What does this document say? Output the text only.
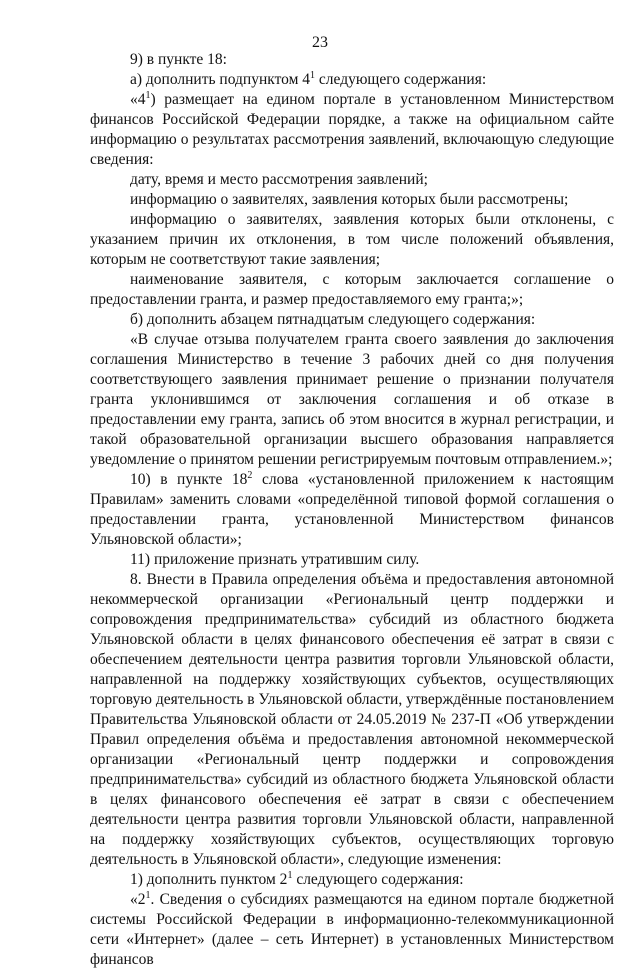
23

9) в пункте 18:

а) дополнить подпунктом $4^1$ следующего содержания:

«$4^1$) размещает на едином портале в установленном Министерством финансов Российской Федерации порядке, а также на официальном сайте информацию о результатах рассмотрения заявлений, включающую следующие сведения:

дату, время и место рассмотрения заявлений;

информацию о заявителях, заявления которых были рассмотрены;

информацию о заявителях, заявления которых были отклонены, с указанием причин их отклонения, в том числе положений объявления, которым не соответствуют такие заявления;

наименование заявителя, с которым заключается соглашение о предоставлении гранта, и размер предоставляемого ему гранта;»;

б) дополнить абзацем пятнадцатым следующего содержания:

«В случае отзыва получателем гранта своего заявления до заключения соглашения Министерство в течение 3 рабочих дней со дня получения соответствующего заявления принимает решение о признании получателя гранта уклонившимся от заключения соглашения и об отказе в предоставлении ему гранта, запись об этом вносится в журнал регистрации, и такой образовательной организации высшего образования направляется уведомление о принятом решении регистрируемым почтовым отправлением.»;

10) в пункте $18^2$ слова «установленной приложением к настоящим Правилам» заменить словами «определённой типовой формой соглашения о предоставлении гранта, установленной Министерством финансов Ульяновской области»;

11) приложение признать утратившим силу.

8. Внести в Правила определения объёма и предоставления автономной некоммерческой организации «Региональный центр поддержки и сопровождения предпринимательства» субсидий из областного бюджета Ульяновской области в целях финансового обеспечения её затрат в связи с обеспечением деятельности центра развития торговли Ульяновской области, направленной на поддержку хозяйствующих субъектов, осуществляющих торговую деятельность в Ульяновской области, утверждённые постановлением Правительства Ульяновской области от 24.05.2019 № 237-П «Об утверждении Правил определения объёма и предоставления автономной некоммерческой организации «Региональный центр поддержки и сопровождения предпринимательства» субсидий из областного бюджета Ульяновской области в целях финансового обеспечения её затрат в связи с обеспечением деятельности центра развития торговли Ульяновской области, направленной на поддержку хозяйствующих субъектов, осуществляющих торговую деятельность в Ульяновской области», следующие изменения:

1) дополнить пунктом $2^1$ следующего содержания:

«$2^1$. Сведения о субсидиях размещаются на едином портале бюджетной системы Российской Федерации в информационно-телекоммуникационной сети «Интернет» (далее – сеть Интернет) в установленных Министерством финансов
